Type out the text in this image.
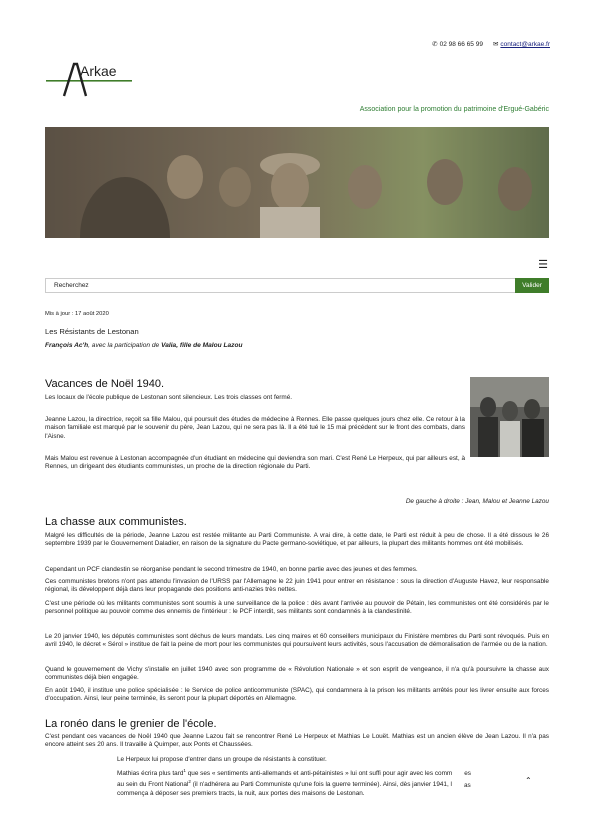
✆ 02 98 66 65 99 ✉ contact@arkae.fr
Arkae
Association pour la promotion du patrimoine d'Ergué-Gabéric
☰
Recherchez
Valider
Mis à jour : 17 août 2020
Les Résistants de Lestonan
François Ac'h, avec la participation de Valia, fille de Malou Lazou
Vacances de Noël 1940.

Les locaux de l'école publique de Lestonan sont silencieux. Les trois classes ont fermé.

Jeanne Lazou, la directrice, reçoit sa fille Malou, qui poursuit des études de médecine à Rennes. Elle passe quelques jours chez elle. Ce retour à la maison familiale est marqué par le souvenir du père, Jean Lazou, qui ne sera pas là. Il a été tué le 15 mai précédent sur le front des combats, dans l'Aisne.

Mais Malou est revenue à Lestonan accompagnée d'un étudiant en médecine qui deviendra son mari. C'est René Le Herpeux, qui par ailleurs est, à Rennes, un dirigeant des étudiants communistes, un proche de la direction régionale du Parti.

De gauche à droite : Jean, Malou et Jeanne Lazou
La chasse aux communistes.

Malgré les difficultés de la période, Jeanne Lazou est restée militante au Parti Communiste. A vrai dire, à cette date, le Parti est réduit à peu de chose. Il a été dissous le 26 septembre 1939 par le Gouvernement Daladier, en raison de la signature du Pacte germano-soviétique, et par ailleurs, la plupart des militants hommes ont été mobilisés.

Cependant un PCF clandestin se réorganise pendant le second trimestre de 1940, en bonne partie avec des jeunes et des femmes.

Ces communistes bretons n'ont pas attendu l'invasion de l'URSS par l'Allemagne le 22 juin 1941 pour entrer en résistance : sous la direction d'Auguste Havez, leur responsable régional, ils développent déjà dans leur propagande des positions anti-nazies très nettes.

C'est une période où les militants communistes sont soumis à une surveillance de la police : dès avant l'arrivée au pouvoir de Pétain, les communistes ont été considérés par le personnel politique au pouvoir comme des ennemis de l'intérieur : le PCF interdit, ses militants sont condamnés à la clandestinité.

Le 20 janvier 1940, les députés communistes sont déchus de leurs mandats. Les cinq maires et 60 conseillers municipaux du Finistère membres du Parti sont révoqués. Puis en avril 1940, le décret « Sérol » institue de fait la peine de mort pour les communistes qui poursuivent leurs activités, sous l'accusation de démoralisation de l'armée ou de la nation.

Quand le gouvernement de Vichy s'installe en juillet 1940 avec son programme de « Révolution Nationale » et son esprit de vengeance, il n'a qu'à poursuivre la chasse aux communistes déjà bien engagée.

En août 1940, il institue une police spécialisée : le Service de police anticommuniste (SPAC), qui condamnera à la prison les militants arrêtés pour les livrer ensuite aux forces d'occupation. Ainsi, leur peine terminée, ils seront pour la plupart déportés en Allemagne.

La ronéo dans le grenier de l'école.

C'est pendant ces vacances de Noël 1940 que Jeanne Lazou fait se rencontrer René Le Herpeux et Mathias Le Louët. Mathias est un ancien élève de Jean Lazou. Il n'a pas encore atteint ses 20 ans. Il travaille à Quimper, aux Ponts et Chaussées.

Le Herpeux lui propose d'entrer dans un groupe de résistants à constituer.

Mathias écrira plus tard$^1$ que ses « sentiments anti-allemands et anti-pétainistes » lui ont suffi pour agir avec les comm es
au sein du Front National$^2$ (il n'adhérera au Parti Communiste qu'une fois la guerre terminée). Ainsi, dès janvier 1941, l as
commença à déposer ses premiers tracts, la nuit, aux portes des maisons de Lestonan.

⌃
